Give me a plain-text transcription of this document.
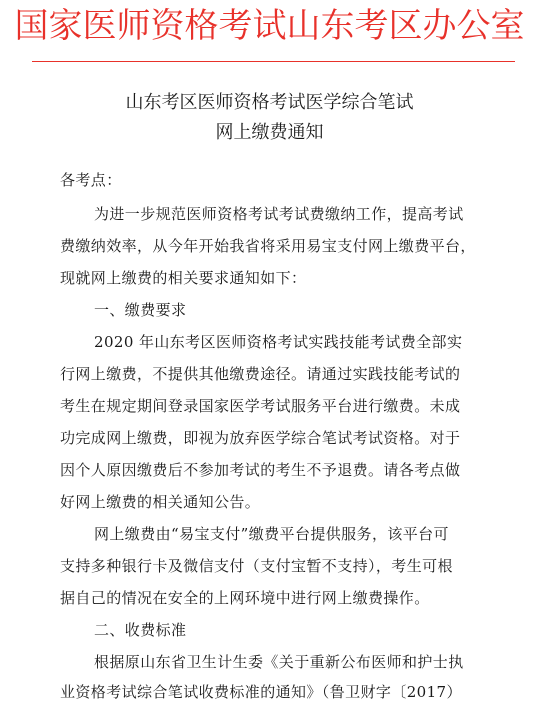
国家医师资格考试山东考区办公室
山东考区医师资格考试医学综合笔试
网上缴费通知
各考点：
为进一步规范医师资格考试考试费缴纳工作，提高考试
费缴纳效率，从今年开始我省将采用易宝支付网上缴费平台，
现就网上缴费的相关要求通知如下：
一、缴费要求
2020 年山东考区医师资格考试实践技能考试费全部实
行网上缴费，不提供其他缴费途径。请通过实践技能考试的
考生在规定期间登录国家医学考试服务平台进行缴费。未成
功完成网上缴费，即视为放弃医学综合笔试考试资格。对于
因个人原因缴费后不参加考试的考生不予退费。请各考点做
好网上缴费的相关通知公告。
网上缴费由“易宝支付”缴费平台提供服务，该平台可
支持多种银行卡及微信支付（支付宝暂不支持），考生可根
据自己的情况在安全的上网环境中进行网上缴费操作。
二、收费标准
根据原山东省卫生计生委《关于重新公布医师和护士执
业资格考试综合笔试收费标准的通知》（鲁卫财字〔2017）
